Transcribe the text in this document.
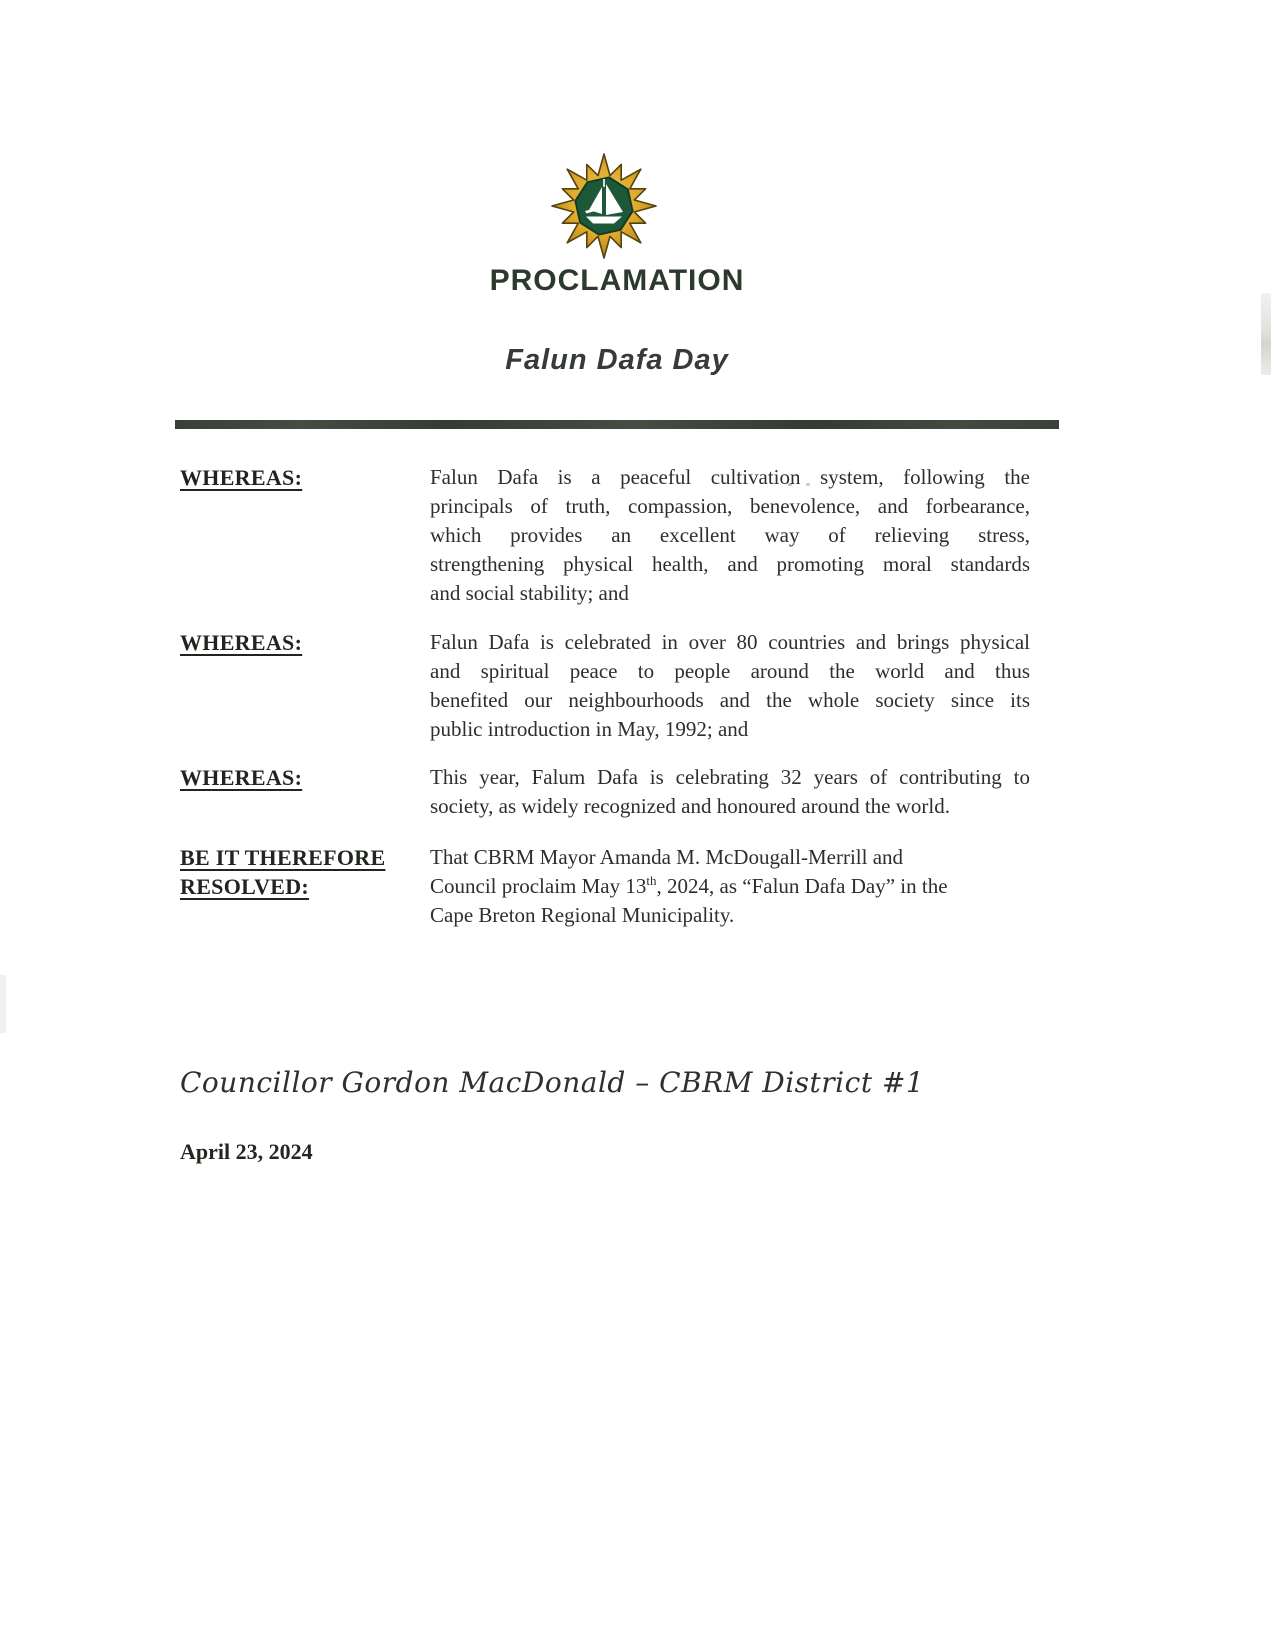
PROCLAMATION
Falun Dafa Day
WHEREAS:	Falun Dafa is a peaceful cultivation system, following the
principals of truth, compassion, benevolence, and forbearance,
which provides an excellent way of relieving stress,
strengthening physical health, and promoting moral standards
and social stability; and
WHEREAS:	Falun Dafa is celebrated in over 80 countries and brings physical
and spiritual peace to people around the world and thus
benefited our neighbourhoods and the whole society since its
public introduction in May, 1992; and
WHEREAS:	This year, Falum Dafa is celebrating 32 years of contributing to
society, as widely recognized and honoured around the world.
BE IT THEREFORE
RESOLVED:
That CBRM Mayor Amanda M. McDougall-Merrill and
Council proclaim May 13th, 2024, as “Falun Dafa Day” in the
Cape Breton Regional Municipality.
Councillor Gordon MacDonald – CBRM District #1
April 23, 2024
